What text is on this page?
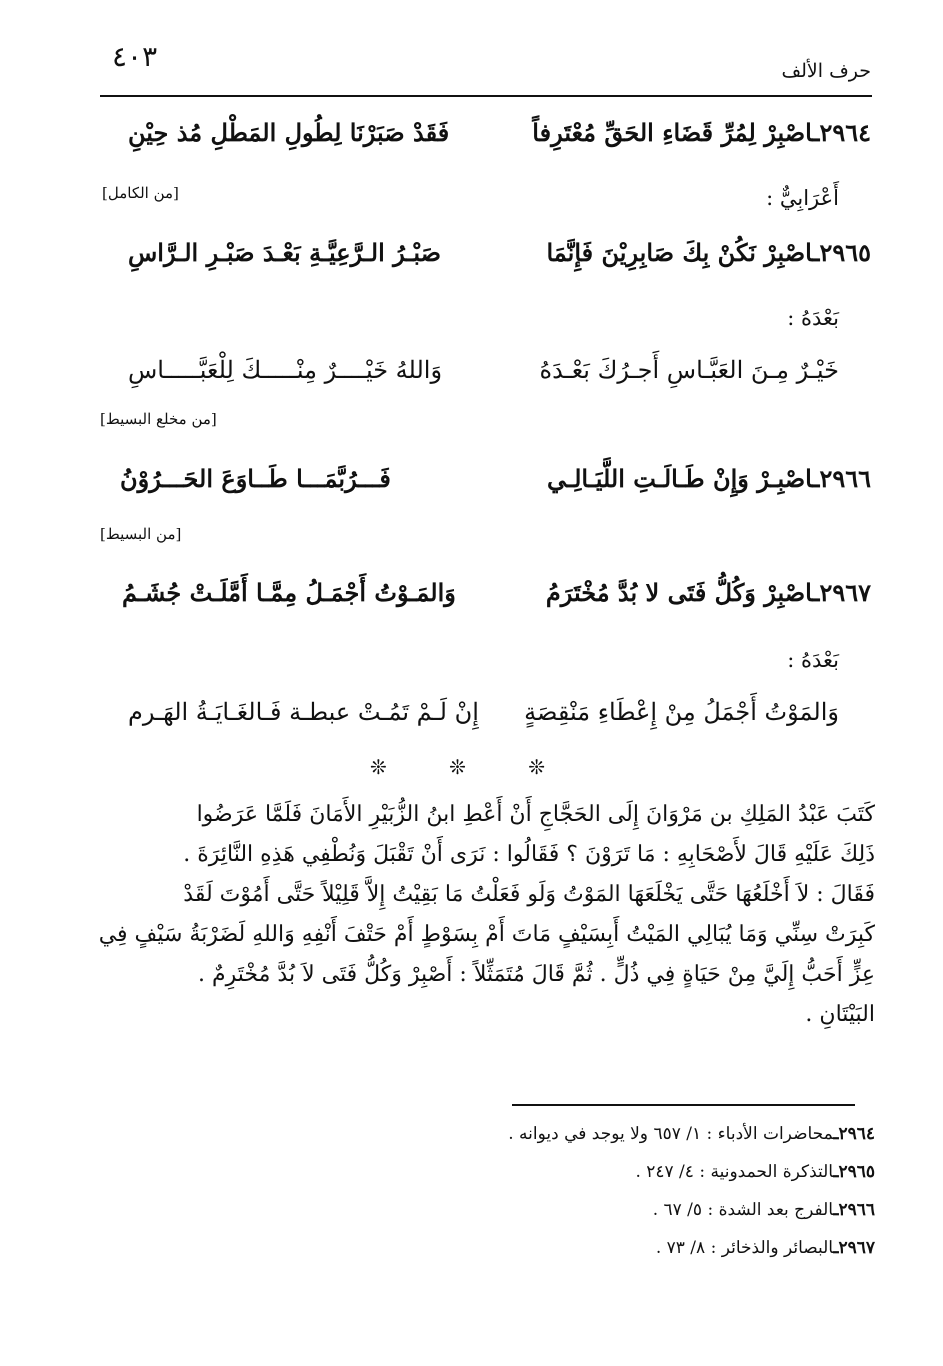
٤٠٣	حرف الألف
٢٩٦٤ـاصْبِرْ لِمُرِّ قَضَاءِ الحَقِّ مُعْتَرِفاً
فَقَدْ صَبَرْنَا لِطُولِ المَطْلِ مُذ حِيْنِ
[من الكامل]	أَعْرَابِيٌّ :
٢٩٦٥ـاصْبِرْ نَكُنْ بِكَ صَابِرِيْنَ فَإِنَّمَا
صَبْـرُ الـرَّعِيَّـةِ بَعْـدَ صَبْـرِ الـرَّاسِ
بَعْدَهُ :
خَيْـرٌ مِـنَ العَبَّـاسِ أَجـرُكَ بَعْـدَهُ
وَاللهُ خَيْــــرٌ مِنْـــــكَ لِلْعَبَّـــــاسِ
[من مخلع البسيط]
٢٩٦٦ـاصْبِـرْ وَإِنْ طَـالَـتِ اللَّيَـالِـي
فَـــرُبَّمَـــا طَــاوَعَ الحَـــرُوْنُ
[من البسيط]
٢٩٦٧ـاصْبِرْ وَكُلُّ فَتَى لا بُدَّ مُخْتَرَمُ
وَالمَـوْتُ أَجْمَـلُ مِمَّـا أَمَّلَـتْ جُشَـمُ
بَعْدَهُ :
وَالمَوْتُ أَجْمَلُ مِنْ إِعْطَاءِ مَنْقِصَةٍ
إِنْ لَـمْ تَمُـتْ عبطـة فَـالغَـايَـةُ الهَـرم
❊ ❊ ❊

كَتَبَ عَبْدُ المَلِكِ بن مَرْوَانَ إِلَى الحَجَّاجِ أَنْ أَعْطِ ابنُ الزُّبَيْرِ الأَمَانَ فَلَمَّا عَرَضُوا

ذَلِكَ عَلَيْهِ قَالَ لأَصْحَابِهِ : مَا تَرَوْنَ ؟ فَقَالُوا : نَرَى أَنْ تَقْبَلَ وَنُطْفِي هَذِهِ النَّائِرَةَ .

فَقَالَ : لاَ أَخْلَعُهَا حَتَّى يَخْلَعَهَا المَوْتُ وَلَو فَعَلْتُ مَا بَقِيْتُ إِلاَّ قَلِيْلاً حَتَّى أَمُوْتَ لَقَدْ

كَبِرَتْ سِنِّي وَمَا يُبَالِي المَيْتُ أَبِسَيْفٍ مَاتَ أَمْ بِسَوْطٍ أَمْ حَتْفَ أَنْفِهِ وَاللهِ لَضَرْبَةُ سَيْفٍ فِي

عِزٍّ أَحَبُّ إِلَيَّ مِنْ حَيَاةٍ فِي ذُلٍّ . ثُمَّ قَالَ مُتَمَثِّلاً : أَصْبِرْ وَكُلُّ فَتَى لاَ بُدَّ مُخْتَرِمٌ .

البَيْتَانِ .

٢٩٦٤ـمحاضرات الأدباء : ١/ ٦٥٧ ولا يوجد في ديوانه .
٢٩٦٥ـالتذكرة الحمدونية : ٤/ ٢٤٧ .
٢٩٦٦ـالفرج بعد الشدة : ٥/ ٦٧ .
٢٩٦٧ـالبصائر والذخائر : ٨/ ٧٣ .
